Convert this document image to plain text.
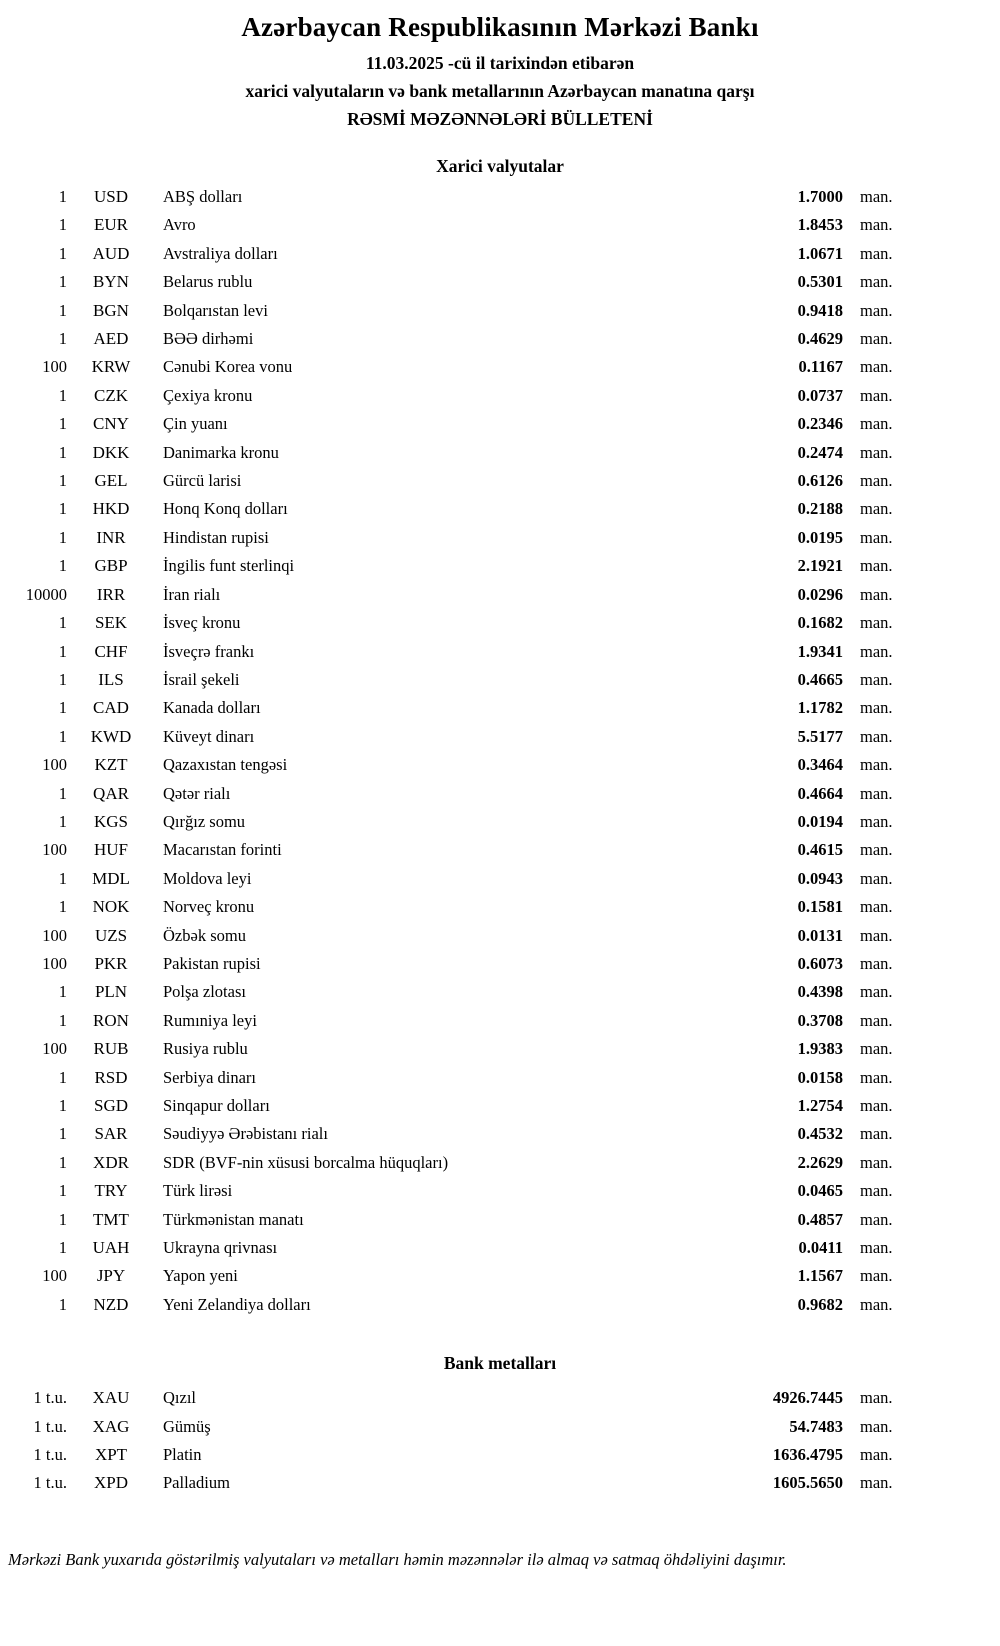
Azərbaycan Respublikasının Mərkəzi Bankı
11.03.2025 -cü il tarixindən etibarən
xarici valyutaların və bank metallarının Azərbaycan manatına qarşı
RƏSMİ MƏZƏNNƏLƏRİ BÜLLETENİ
Xarici valyutalar
1	USD	ABŞ dolları	1.7000	man.
1	EUR	Avro	1.8453	man.
1	AUD	Avstraliya dolları	1.0671	man.
1	BYN	Belarus rublu	0.5301	man.
1	BGN	Bolqarıstan levi	0.9418	man.
1	AED	BƏƏ dirhəmi	0.4629	man.
100	KRW	Cənubi Korea vonu	0.1167	man.
1	CZK	Çexiya kronu	0.0737	man.
1	CNY	Çin yuanı	0.2346	man.
1	DKK	Danimarka kronu	0.2474	man.
1	GEL	Gürcü larisi	0.6126	man.
1	HKD	Honq Konq dolları	0.2188	man.
1	INR	Hindistan rupisi	0.0195	man.
1	GBP	İngilis funt sterlinqi	2.1921	man.
10000	IRR	İran rialı	0.0296	man.
1	SEK	İsveç kronu	0.1682	man.
1	CHF	İsveçrə frankı	1.9341	man.
1	ILS	İsrail şekeli	0.4665	man.
1	CAD	Kanada dolları	1.1782	man.
1	KWD	Küveyt dinarı	5.5177	man.
100	KZT	Qazaxıstan tengəsi	0.3464	man.
1	QAR	Qətər rialı	0.4664	man.
1	KGS	Qırğız somu	0.0194	man.
100	HUF	Macarıstan forinti	0.4615	man.
1	MDL	Moldova leyi	0.0943	man.
1	NOK	Norveç kronu	0.1581	man.
100	UZS	Özbək somu	0.0131	man.
100	PKR	Pakistan rupisi	0.6073	man.
1	PLN	Polşa zlotası	0.4398	man.
1	RON	Rumıniya leyi	0.3708	man.
100	RUB	Rusiya rublu	1.9383	man.
1	RSD	Serbiya dinarı	0.0158	man.
1	SGD	Sinqapur dolları	1.2754	man.
1	SAR	Səudiyyə Ərəbistanı rialı	0.4532	man.
1	XDR	SDR (BVF-nin xüsusi borcalma hüquqları)	2.2629	man.
1	TRY	Türk lirəsi	0.0465	man.
1	TMT	Türkmənistan manatı	0.4857	man.
1	UAH	Ukrayna qrivnası	0.0411	man.
100	JPY	Yapon yeni	1.1567	man.
1	NZD	Yeni Zelandiya dolları	0.9682	man.
Bank metalları
1 t.u.	XAU	Qızıl	4926.7445	man.
1 t.u.	XAG	Gümüş	54.7483	man.
1 t.u.	XPT	Platin	1636.4795	man.
1 t.u.	XPD	Palladium	1605.5650	man.
Mərkəzi Bank yuxarıda göstərilmiş valyutaları və metalları həmin məzənnələr ilə almaq və satmaq öhdəliyini daşımır.
